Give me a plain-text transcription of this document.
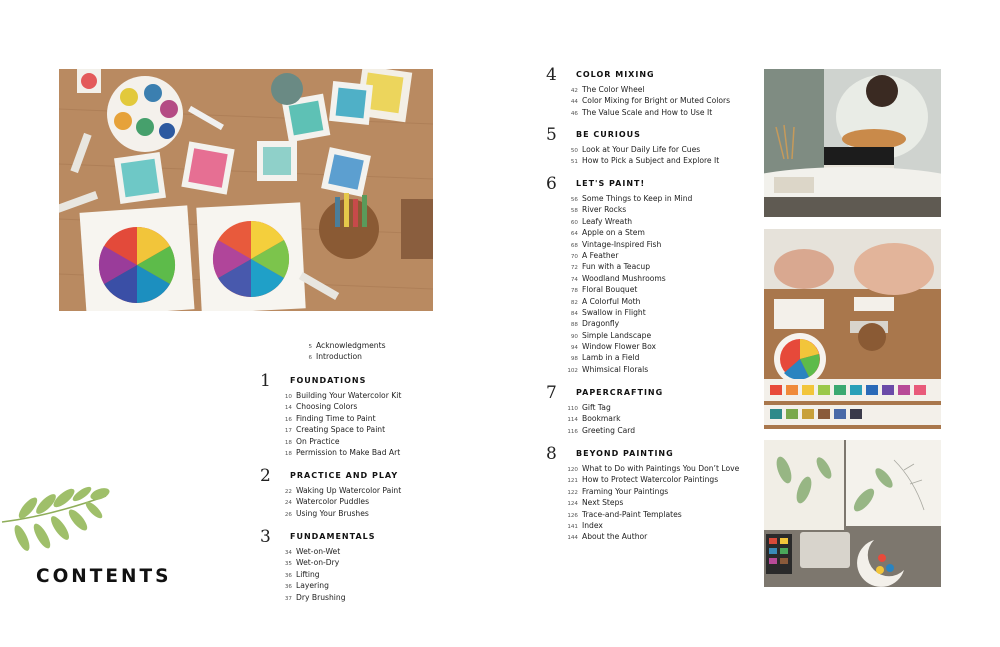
CONTENTS
5 Acknowledgments
6 Introduction
1	FOUNDATIONS
10 Building Your Watercolor Kit
14 Choosing Colors
16 Finding Time to Paint
17 Creating Space to Paint
18 On Practice
18 Permission to Make Bad Art
2	PRACTICE AND PLAY
22 Waking Up Watercolor Paint
24 Watercolor Puddles
26 Using Your Brushes
3	FUNDAMENTALS
34 Wet-on-Wet
35 Wet-on-Dry
36 Lifting
36 Layering
37 Dry Brushing
4	COLOR MIXING
42 The Color Wheel
44 Color Mixing for Bright or Muted Colors
46 The Value Scale and How to Use It
5	BE CURIOUS
50 Look at Your Daily Life for Cues
51 How to Pick a Subject and Explore It
6	LET'S PAINT!
56 Some Things to Keep in Mind
58 River Rocks
60 Leafy Wreath
64 Apple on a Stem
68 Vintage-Inspired Fish
70 A Feather
72 Fun with a Teacup
74 Woodland Mushrooms
78 Floral Bouquet
82 A Colorful Moth
84 Swallow in Flight
88 Dragonfly
90 Simple Landscape
94 Window Flower Box
98 Lamb in a Field
102 Whimsical Florals
7	PAPERCRAFTING
110 Gift Tag
114 Bookmark
116 Greeting Card
8	BEYOND PAINTING
120 What to Do with Paintings You Don’t Love
121 How to Protect Watercolor Paintings
122 Framing Your Paintings
124 Next Steps
126 Trace-and-Paint Templates
141 Index
144 About the Author
